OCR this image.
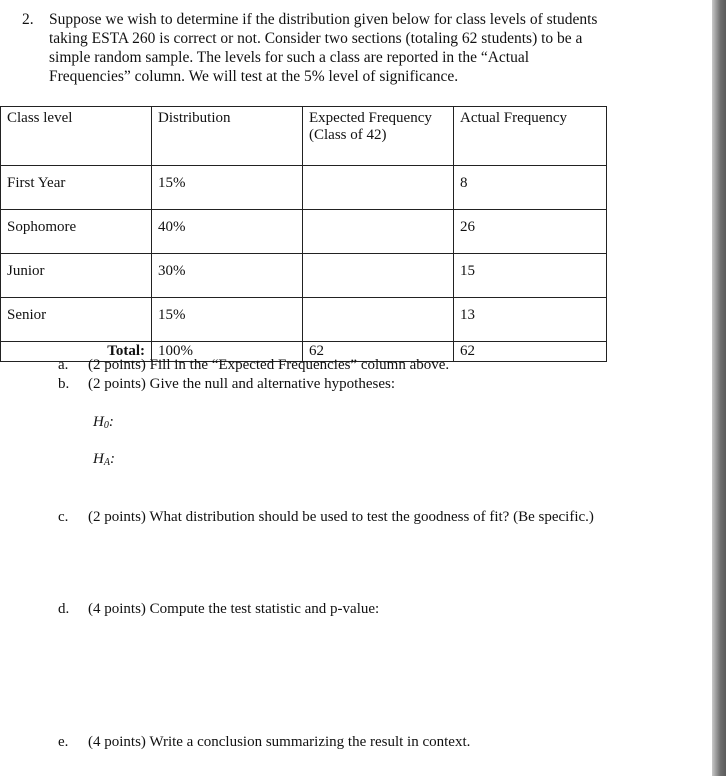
2. Suppose we wish to determine if the distribution given below for class levels of students taking ESTA 260 is correct or not. Consider two sections (totaling 62 students) to be a simple random sample. The levels for such a class are reported in the “Actual Frequencies” column. We will test at the 5% level of significance.
Class level	Distribution	Expected Frequency (Class of 42)	Actual Frequency
First Year	15%		8
Sophomore	40%		26
Junior	30%		15
Senior	15%		13
Total:	100%	62	62
a. (2 points) Fill in the “Expected Frequencies” column above.
b. (2 points) Give the null and alternative hypotheses:
$H_0$:
$H_A$:
c. (2 points) What distribution should be used to test the goodness of fit? (Be specific.)
d. (4 points) Compute the test statistic and p-value:
e. (4 points) Write a conclusion summarizing the result in context.
